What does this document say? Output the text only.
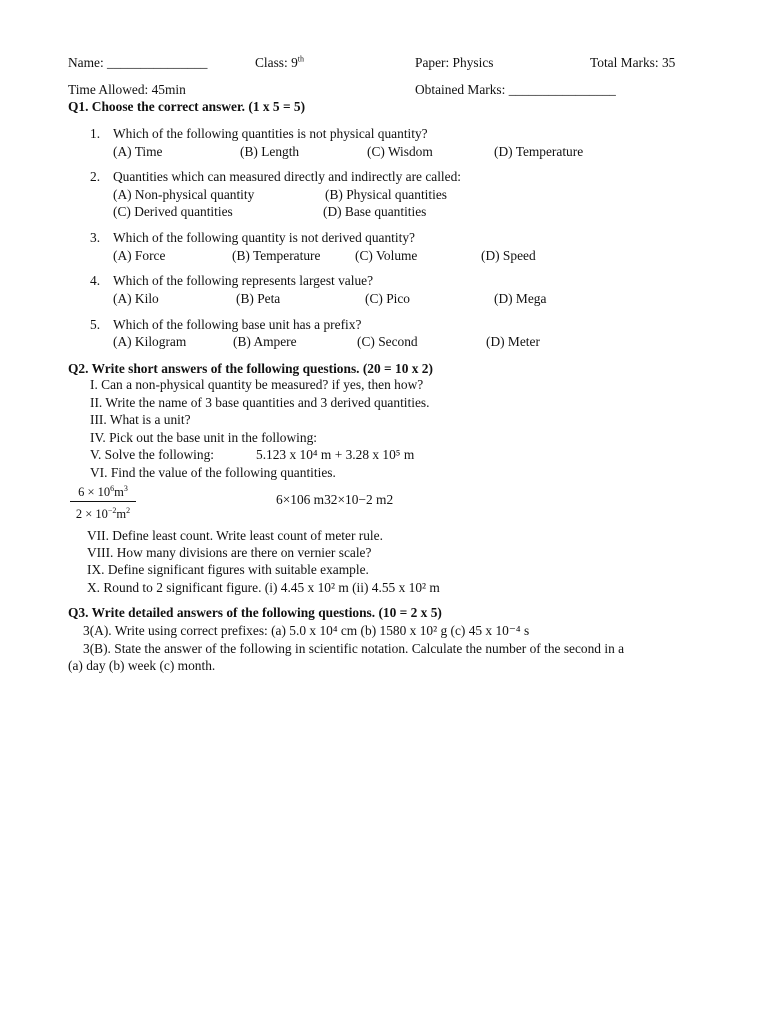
Name: _______________	Class: 9th	Paper: Physics	Total Marks: 35
Time Allowed: 45min	Obtained Marks: ________________
Q1. Choose the correct answer. (1 x 5 = 5)
1. Which of the following quantities is not physical quantity?
(A) Time	(B) Length	(C) Wisdom	(D) Temperature
2. Quantities which can measured directly and indirectly are called:
(A) Non-physical quantity	(B) Physical quantities
(C) Derived quantities	(D) Base quantities
3. Which of the following quantity is not derived quantity?
(A) Force	(B) Temperature	(C) Volume	(D) Speed
4. Which of the following represents largest value?
(A) Kilo	(B) Peta	(C) Pico	(D) Mega
5. Which of the following base unit has a prefix?
(A) Kilogram	(B) Ampere	(C) Second	(D) Meter
Q2. Write short answers of the following questions. (20 = 10 x 2)
I. Can a non-physical quantity be measured? if yes, then how?
II. Write the name of 3 base quantities and 3 derived quantities.
III. What is a unit?
IV. Pick out the base unit in the following:
V. Solve the following:	5.123 x 10⁴ m + 3.28 x 10⁵ m
VI. Find the value of the following quantities.
$6 \times 10^6m^3$
$2 \times 10^{-2}m^2$
6×106 m32×10−2 m2
VII. Define least count. Write least count of meter rule.
VIII. How many divisions are there on vernier scale?
IX. Define significant figures with suitable example.
X. Round to 2 significant figure. (i) 4.45 x 10² m (ii) 4.55 x 10² m
Q3. Write detailed answers of the following questions. (10 = 2 x 5)
3(A). Write using correct prefixes: (a) 5.0 x 10⁴ cm (b) 1580 x 10² g (c) 45 x 10⁻⁴ s
3(B). State the answer of the following in scientific notation. Calculate the number of the second in a
(a) day (b) week (c) month.
